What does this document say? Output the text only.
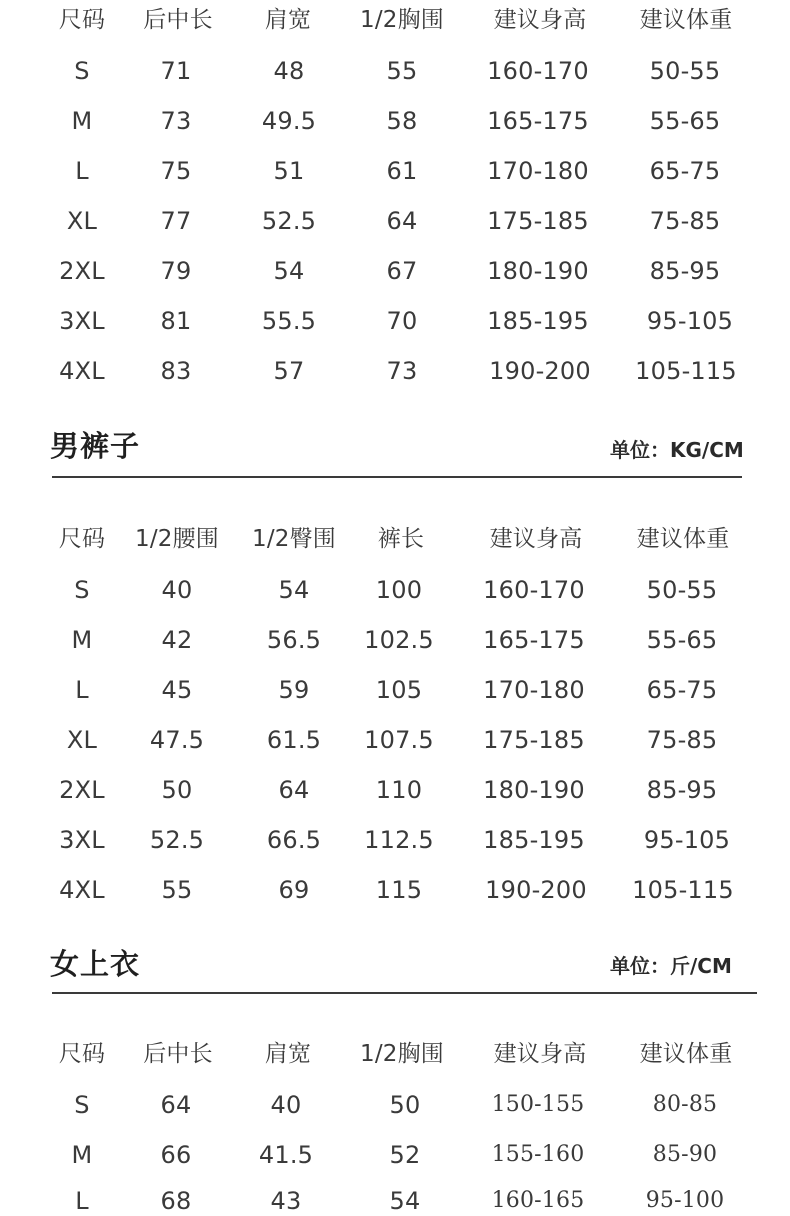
尺码 后中长 肩宽 1/2胸围 建议身高 建议体重
S	71	48	55	160-170	50-55
M	73	49.5	58	165-175	55-65
L	75	51	61	170-180	65-75
XL	77	52.5	64	175-185	75-85
2XL 79	54	67	180-190	85-95
3XL 81	55.5	70	185-195 95-105
4XL 83	57	73	190-200 105-115
男裤子	单位：KG/CM
尺码 1/2腰围 1/2臀围 裤长	建议身高 建议体重
S	40	54	100	160-170	50-55
M	42	56.5 102.5 165-175	55-65
L	45	59	105	170-180	65-75
XL 47.5	61.5 107.5 175-185	75-85
2XL 50	64	110	180-190	85-95
3XL 52.5	66.5 112.5 185-195 95-105
4XL 55	69	115	190-200 105-115
女上衣	单位：斤/CM
尺码 后中长 肩宽 1/2胸围 建议身高 建议体重
S	64	40	50	150-155	80-85
M	66	41.5	52	155-160	85-90
L	68	43	54	160-165	95-100
